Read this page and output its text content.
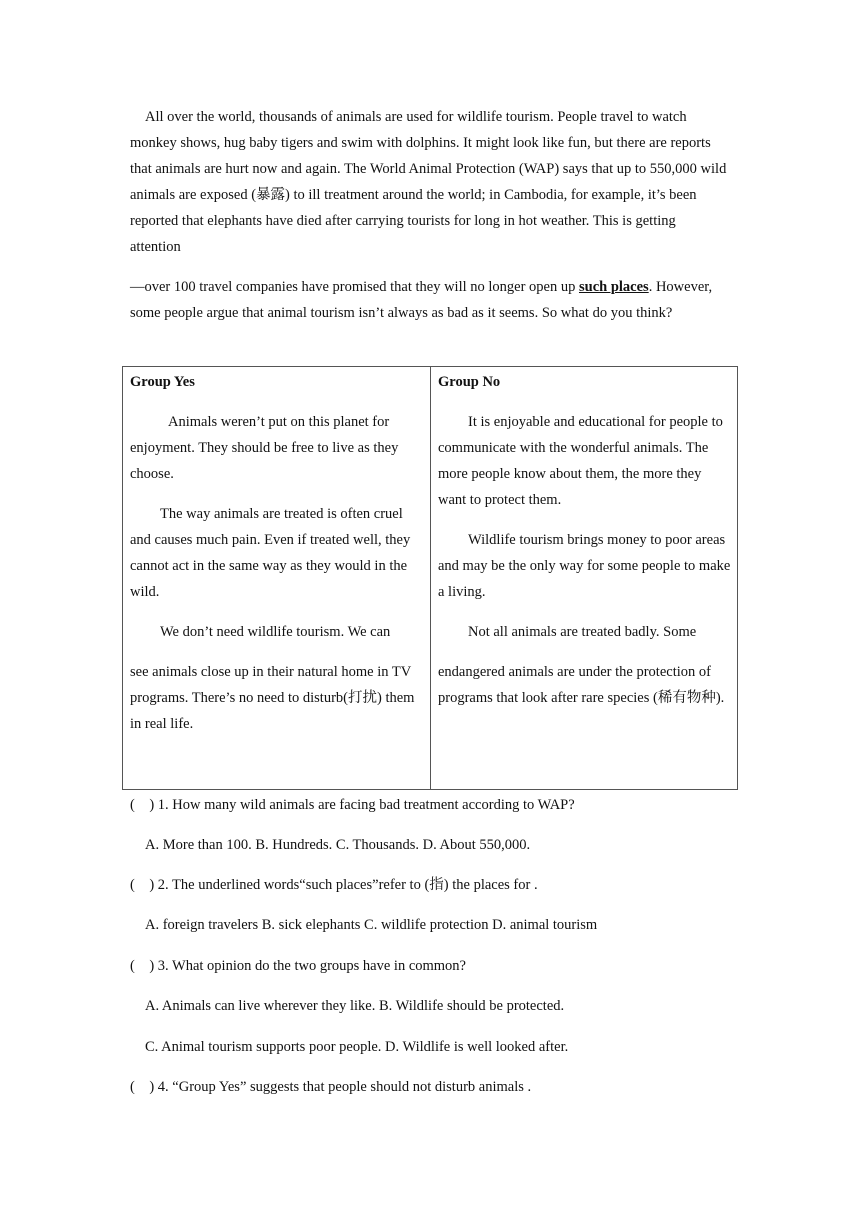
All over the world, thousands of animals are used for wildlife tourism. People travel to watch monkey shows, hug baby tigers and swim with dolphins. It might look like fun, but there are reports that animals are hurt now and again. The World Animal Protection (WAP) says that up to 550,000 wild animals are exposed (暴露) to ill treatment around the world; in Cambodia, for example, it’s been reported that elephants have died after carrying tourists for long in hot weather. This is getting attention

—over 100 travel companies have promised that they will no longer open up such places. However, some people argue that animal tourism isn’t always as bad as it seems. So what do you think?

Group Yes

Animals weren’t put on this planet for enjoyment. They should be free to live as they choose.

The way animals are treated is often cruel and causes much pain. Even if treated well, they cannot act in the same way as they would in the wild.

We don’t need wildlife tourism. We can

see animals close up in their natural home in TV programs. There’s no need to disturb(打扰) them in real life.

Group No

It is enjoyable and educational for people to communicate with the wonderful animals. The more people know about them, the more they want to protect them.

Wildlife tourism brings money to poor areas and may be the only way for some people to make a living.

Not all animals are treated badly. Some

endangered animals are under the protection of programs that look after rare species (稀有物种).

(    ) 1. How many wild animals are facing bad treatment according to WAP?

A. More than 100. B. Hundreds. C. Thousands. D. About 550,000.

(    ) 2. The underlined words“such places”refer to (指) the places for .

A. foreign travelers B. sick elephants C. wildlife protection D. animal tourism

(    ) 3. What opinion do the two groups have in common?

A. Animals can live wherever they like. B. Wildlife should be protected.

C. Animal tourism supports poor people. D. Wildlife is well looked after.

(    ) 4. “Group Yes” suggests that people should not disturb animals .
